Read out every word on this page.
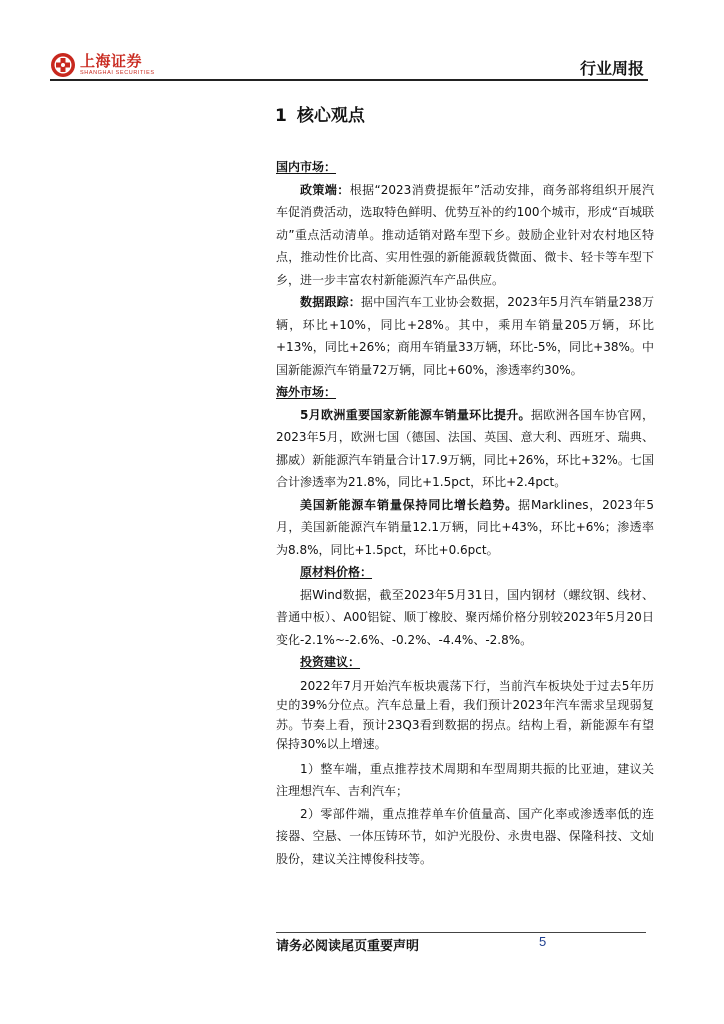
上海证券
SHANGHAI SECURITIES	行业周报
1 核心观点

国内市场：

政策端：根据“2023消费提振年”活动安排，商务部将组织开展汽车促消费活动，选取特色鲜明、优势互补的约100个城市，形成“百城联动”重点活动清单。推动适销对路车型下乡。鼓励企业针对农村地区特点，推动性价比高、实用性强的新能源载货微面、微卡、轻卡等车型下乡，进一步丰富农村新能源汽车产品供应。

数据跟踪：据中国汽车工业协会数据，2023年5月汽车销量238万辆，环比+10%，同比+28%。其中，乘用车销量205万辆，环比+13%，同比+26%；商用车销量33万辆，环比-5%，同比+38%。中国新能源汽车销量72万辆，同比+60%，渗透率约30%。

海外市场：

5月欧洲重要国家新能源车销量环比提升。据欧洲各国车协官网，2023年5月，欧洲七国（德国、法国、英国、意大利、西班牙、瑞典、挪威）新能源汽车销量合计17.9万辆，同比+26%，环比+32%。七国合计渗透率为21.8%，同比+1.5pct，环比+2.4pct。

美国新能源车销量保持同比增长趋势。据Marklines，2023年5月，美国新能源汽车销量12.1万辆，同比+43%，环比+6%；渗透率为8.8%，同比+1.5pct，环比+0.6pct。

原材料价格：

据Wind数据，截至2023年5月31日，国内钢材（螺纹钢、线材、普通中板）、A00铝锭、顺丁橡胶、聚丙烯价格分别较2023年5月20日变化-2.1%~-2.6%、-0.2%、-4.4%、-2.8%。

投资建议：

2022年7月开始汽车板块震荡下行，当前汽车板块处于过去5年历史的39%分位点。汽车总量上看，我们预计2023年汽车需求呈现弱复苏。节奏上看，预计23Q3看到数据的拐点。结构上看，新能源车有望保持30%以上增速。

1）整车端，重点推荐技术周期和车型周期共振的比亚迪，建议关注理想汽车、吉利汽车；

2）零部件端，重点推荐单车价值量高、国产化率或渗透率低的连接器、空悬、一体压铸环节，如沪光股份、永贵电器、保隆科技、文灿股份，建议关注博俊科技等。

请务必阅读尾页重要声明	5
